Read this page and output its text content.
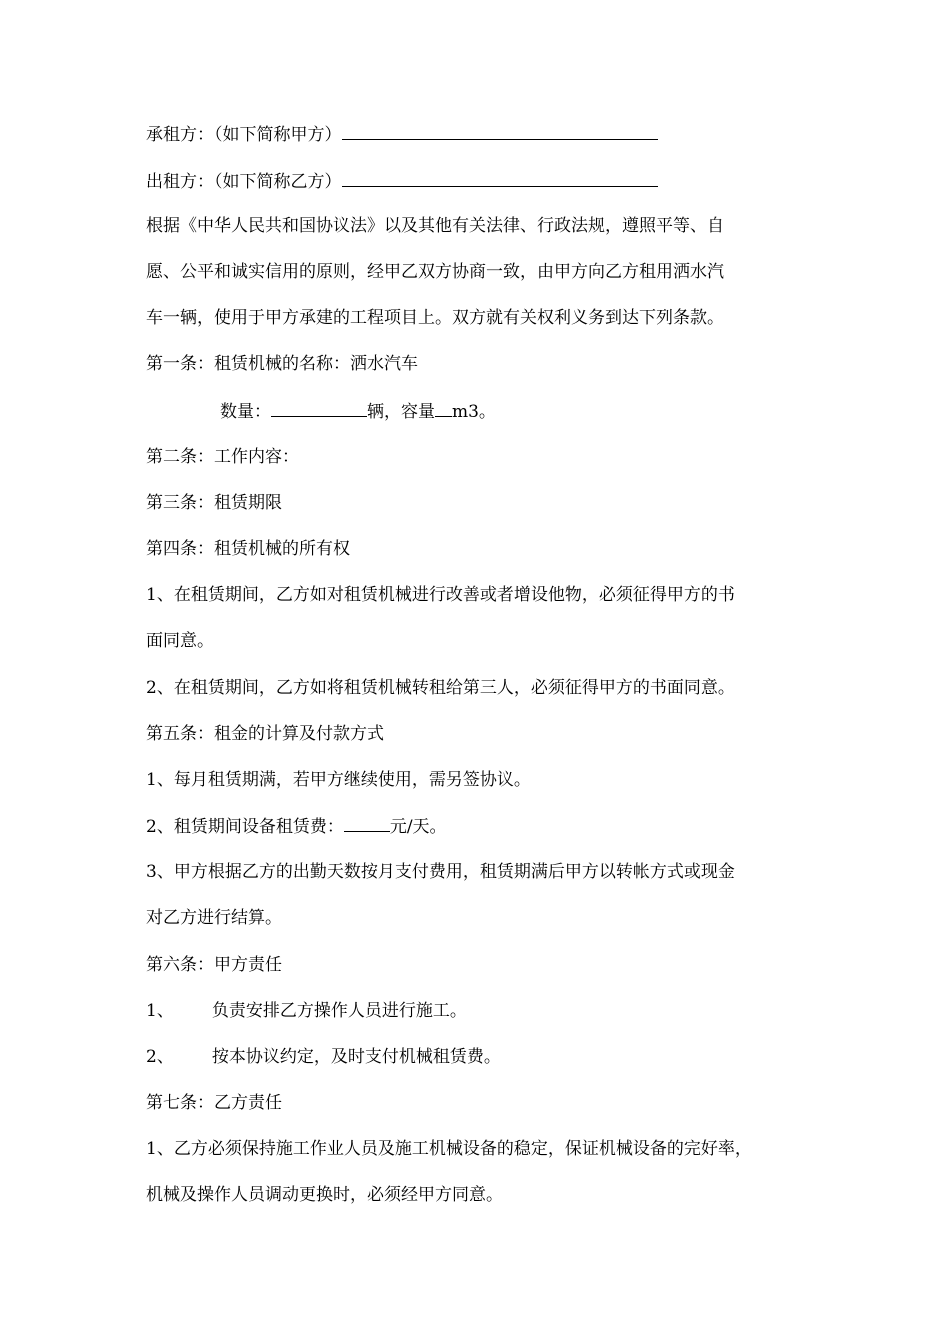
承租方：（如下简称甲方）
出租方：（如下简称乙方）
根据《中华人民共和国协议法》以及其他有关法律、行政法规，遵照平等、自
愿、公平和诚实信用的原则，经甲乙双方协商一致，由甲方向乙方租用洒水汽
车一辆，使用于甲方承建的工程项目上。双方就有关权利义务到达下列条款。
第一条：租赁机械的名称：洒水汽车
数量：	辆，容量 m3。
第二条：工作内容：
第三条：租赁期限
第四条：租赁机械的所有权
1、在租赁期间，乙方如对租赁机械进行改善或者增设他物，必须征得甲方的书
面同意。
2、在租赁期间，乙方如将租赁机械转租给第三人，必须征得甲方的书面同意。
第五条：租金的计算及付款方式
1、每月租赁期满，若甲方继续使用，需另签协议。
2、租赁期间设备租赁费：	元/天。
3、甲方根据乙方的出勤天数按月支付费用，租赁期满后甲方以转帐方式或现金
对乙方进行结算。
第六条：甲方责任
1、 负责安排乙方操作人员进行施工。
2、 按本协议约定，及时支付机械租赁费。
第七条：乙方责任
1、乙方必须保持施工作业人员及施工机械设备的稳定，保证机械设备的完好率，
机械及操作人员调动更换时，必须经甲方同意。
